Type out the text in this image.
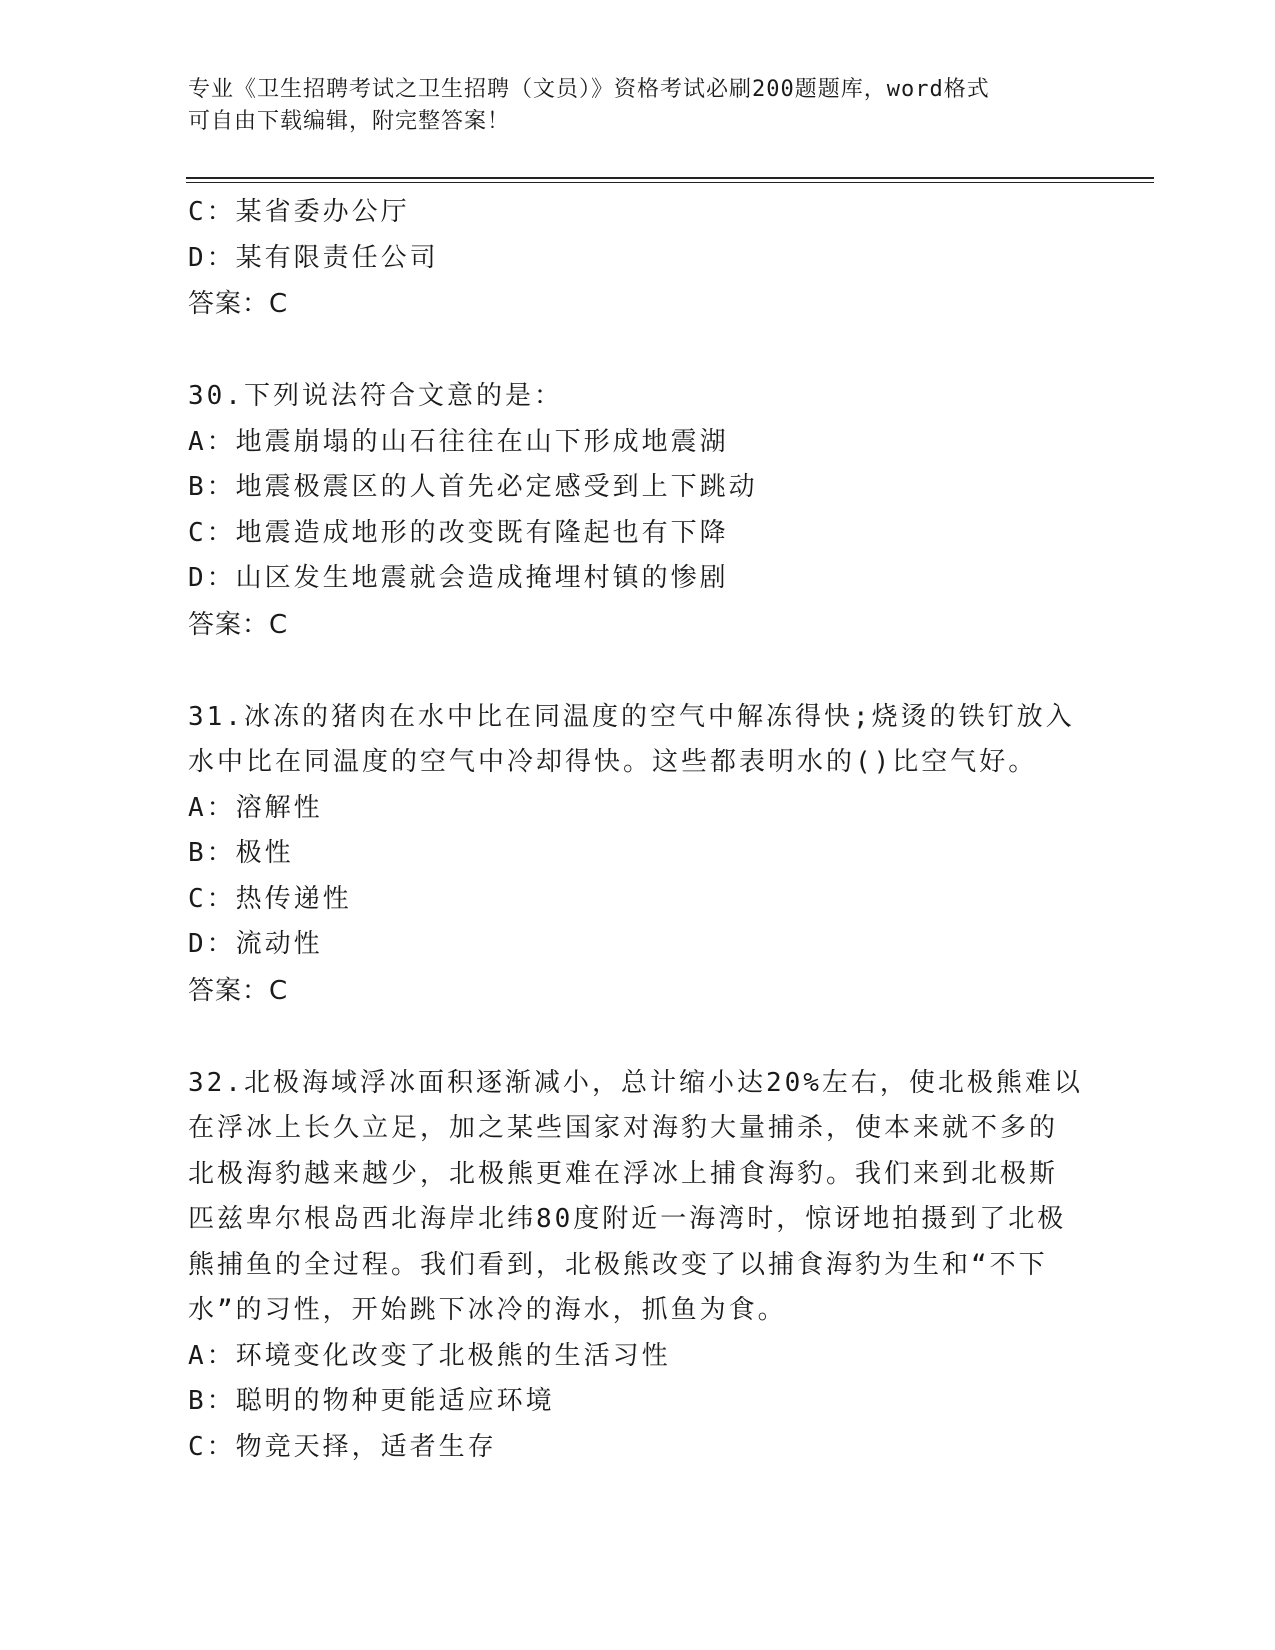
专业《卫生招聘考试之卫生招聘（文员）》资格考试必刷200题题库，word格式
可自由下载编辑，附完整答案！
C：某省委办公厅
D：某有限责任公司
答案：C
30.下列说法符合文意的是：
A：地震崩塌的山石往往在山下形成地震湖
B：地震极震区的人首先必定感受到上下跳动
C：地震造成地形的改变既有隆起也有下降
D：山区发生地震就会造成掩埋村镇的惨剧
答案：C
31.冰冻的猪肉在水中比在同温度的空气中解冻得快;烧烫的铁钉放入
水中比在同温度的空气中冷却得快。这些都表明水的()比空气好。
A：溶解性
B：极性
C：热传递性
D：流动性
答案：C
32.北极海域浮冰面积逐渐减小，总计缩小达20%左右，使北极熊难以
在浮冰上长久立足，加之某些国家对海豹大量捕杀，使本来就不多的
北极海豹越来越少，北极熊更难在浮冰上捕食海豹。我们来到北极斯
匹兹卑尔根岛西北海岸北纬80度附近一海湾时，惊讶地拍摄到了北极
熊捕鱼的全过程。我们看到，北极熊改变了以捕食海豹为生和“不下
水”的习性，开始跳下冰冷的海水，抓鱼为食。
A：环境变化改变了北极熊的生活习性
B：聪明的物种更能适应环境
C：物竞天择，适者生存
